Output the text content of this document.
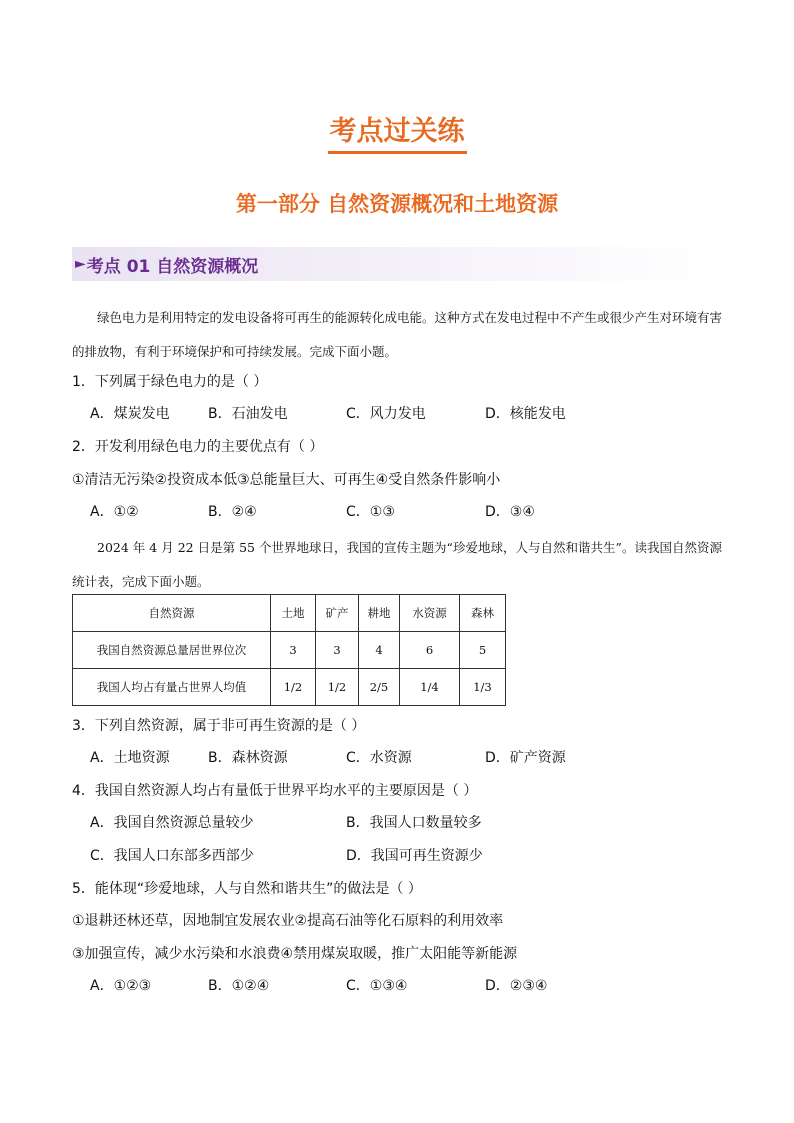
考点过关练
第一部分 自然资源概况和土地资源
► 考点 01 自然资源概况
绿色电力是利用特定的发电设备将可再生的能源转化成电能。这种方式在发电过程中不产生或很少产生对环境有害的排放物，有利于环境保护和可持续发展。完成下面小题。
1．下列属于绿色电力的是（ ）
A．煤炭发电	B．石油发电	C．风力发电	D．核能发电
2．开发利用绿色电力的主要优点有（ ）
①清洁无污染②投资成本低③总能量巨大、可再生④受自然条件影响小
A．①②	B．②④	C．①③	D．③④
2024 年 4 月 22 日是第 55 个世界地球日，我国的宣传主题为“珍爱地球，人与自然和谐共生”。读我国自然资源统计表，完成下面小题。
自然资源	土地	矿产	耕地	水资源	森林
我国自然资源总量居世界位次	3	3	4	6	5
我国人均占有量占世界人均值	1/2	1/2	2/5	1/4	1/3
3．下列自然资源，属于非可再生资源的是（ ）
A．土地资源	B．森林资源	C．水资源	D．矿产资源
4．我国自然资源人均占有量低于世界平均水平的主要原因是（ ）
A．我国自然资源总量较少	B．我国人口数量较多
C．我国人口东部多西部少	D．我国可再生资源少
5．能体现“珍爱地球，人与自然和谐共生”的做法是（ ）
①退耕还林还草，因地制宜发展农业②提高石油等化石原料的利用效率
③加强宣传，减少水污染和水浪费④禁用煤炭取暖，推广太阳能等新能源
A．①②③	B．①②④	C．①③④	D．②③④
